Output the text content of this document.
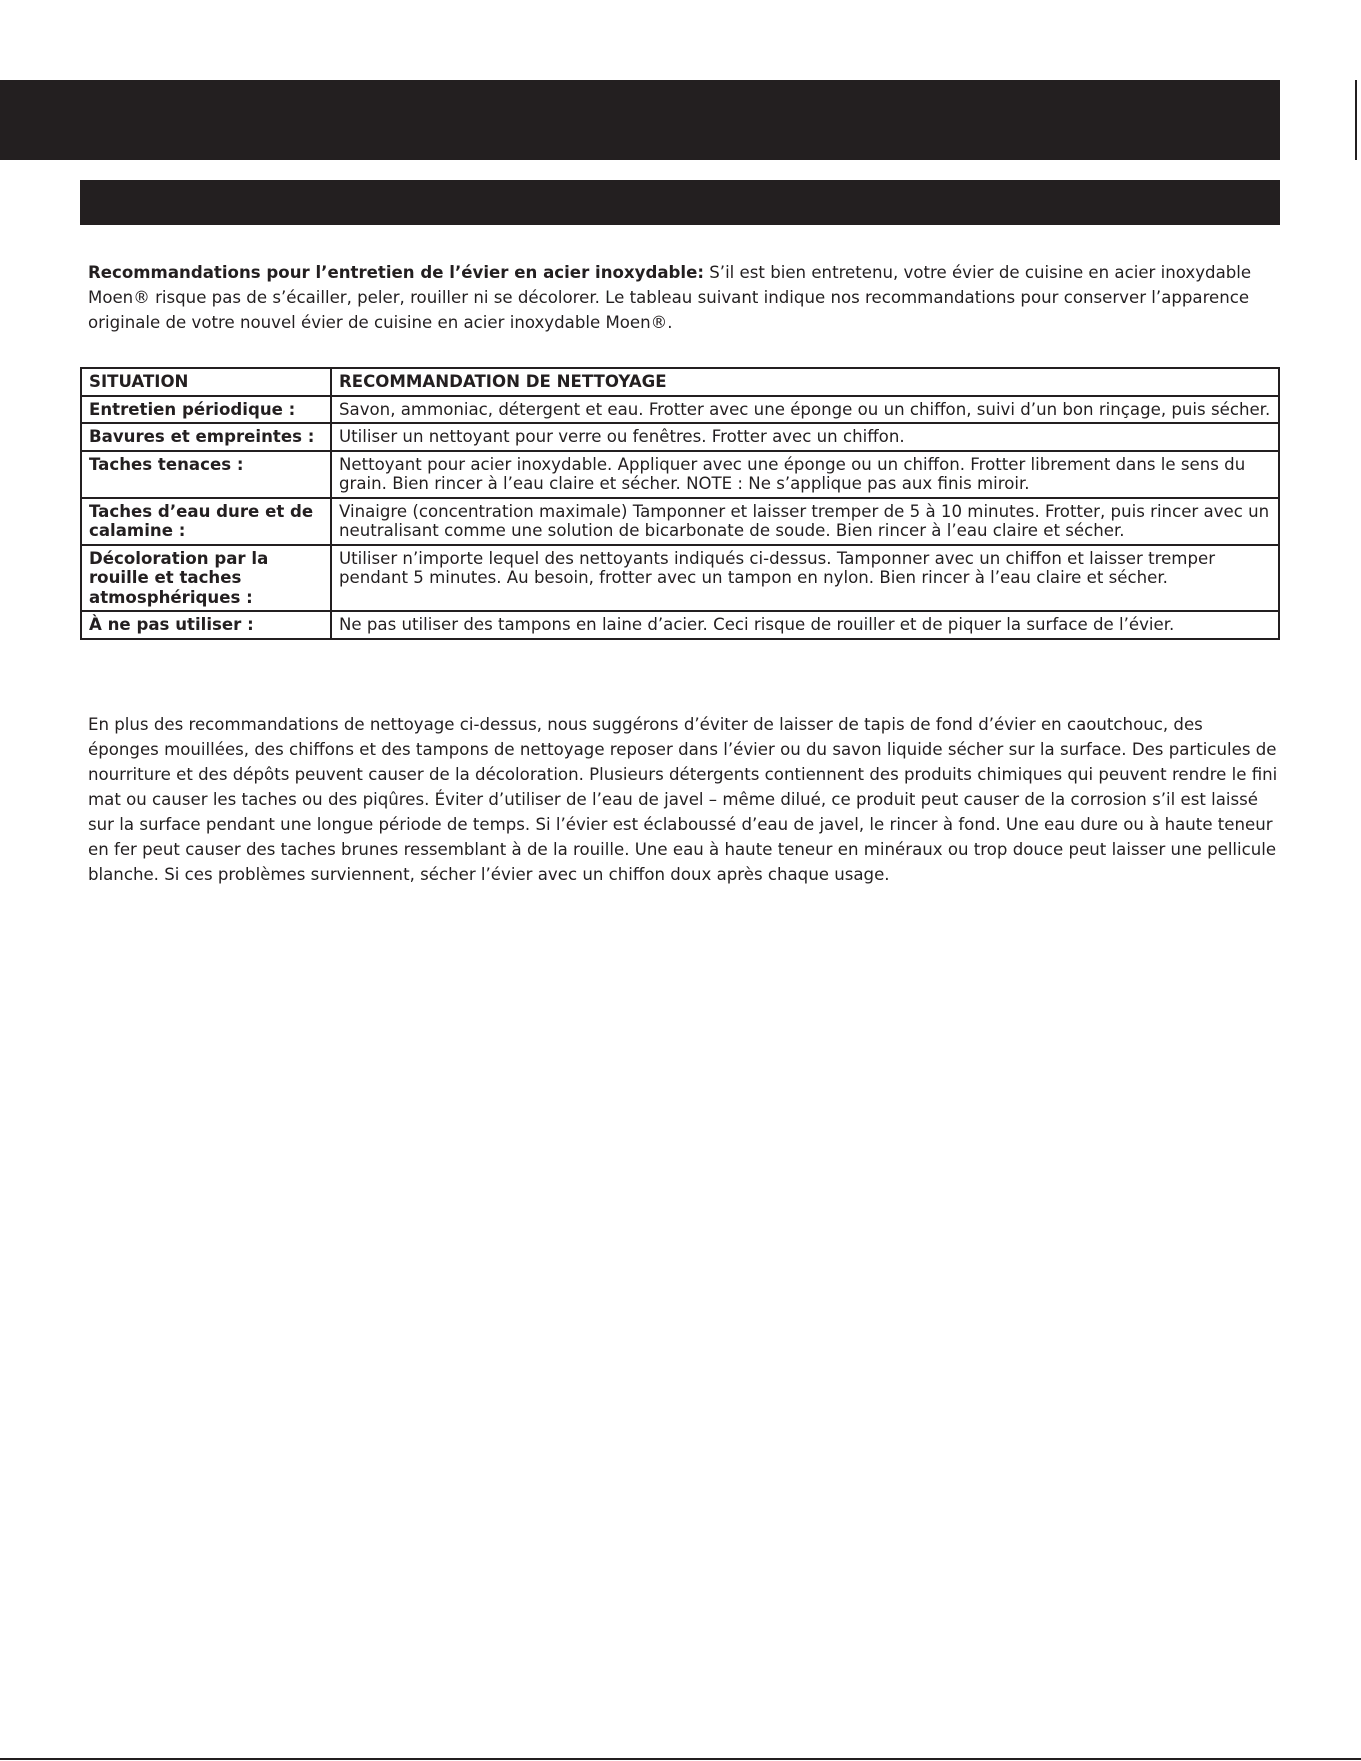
Recommandations pour l’entretien de l’évier en acier inoxydable: S’il est bien entretenu, votre évier de cuisine en acier inoxydable Moen® risque pas de s’écailler, peler, rouiller ni se décolorer. Le tableau suivant indique nos recommandations pour conserver l’apparence originale de votre nouvel évier de cuisine en acier inoxydable Moen®.

SITUATION	RECOMMANDATION DE NETTOYAGE
Entretien périodique :	Savon, ammoniac, détergent et eau. Frotter avec une éponge ou un chiffon, suivi d’un bon rinçage, puis sécher.
Bavures et empreintes :	Utiliser un nettoyant pour verre ou fenêtres. Frotter avec un chiffon.
Taches tenaces :	Nettoyant pour acier inoxydable. Appliquer avec une éponge ou un chiffon. Frotter librement dans le sens du grain. Bien rincer à l’eau claire et sécher. NOTE : Ne s’applique pas aux finis miroir.
Taches d’eau dure et de calamine :	Vinaigre (concentration maximale) Tamponner et laisser tremper de 5 à 10 minutes. Frotter, puis rincer avec un neutralisant comme une solution de bicarbonate de soude. Bien rincer à l’eau claire et sécher.
Décoloration par la rouille et taches atmosphériques :	Utiliser n’importe lequel des nettoyants indiqués ci-dessus. Tamponner avec un chiffon et laisser tremper pendant 5 minutes. Au besoin, frotter avec un tampon en nylon. Bien rincer à l’eau claire et sécher.
À ne pas utiliser :	Ne pas utiliser des tampons en laine d’acier. Ceci risque de rouiller et de piquer la surface de l’évier.

En plus des recommandations de nettoyage ci-dessus, nous suggérons d’éviter de laisser de tapis de fond d’évier en caoutchouc, des éponges mouillées, des chiffons et des tampons de nettoyage reposer dans l’évier ou du savon liquide sécher sur la surface. Des particules de nourriture et des dépôts peuvent causer de la décoloration. Plusieurs détergents contiennent des produits chimiques qui peuvent rendre le fini mat ou causer les taches ou des piqûres. Éviter d’utiliser de l’eau de javel – même dilué, ce produit peut causer de la corrosion s’il est laissé sur la surface pendant une longue période de temps. Si l’évier est éclaboussé d’eau de javel, le rincer à fond. Une eau dure ou à haute teneur en fer peut causer des taches brunes ressemblant à de la rouille. Une eau à haute teneur en minéraux ou trop douce peut laisser une pellicule blanche. Si ces problèmes surviennent, sécher l’évier avec un chiffon doux après chaque usage.
